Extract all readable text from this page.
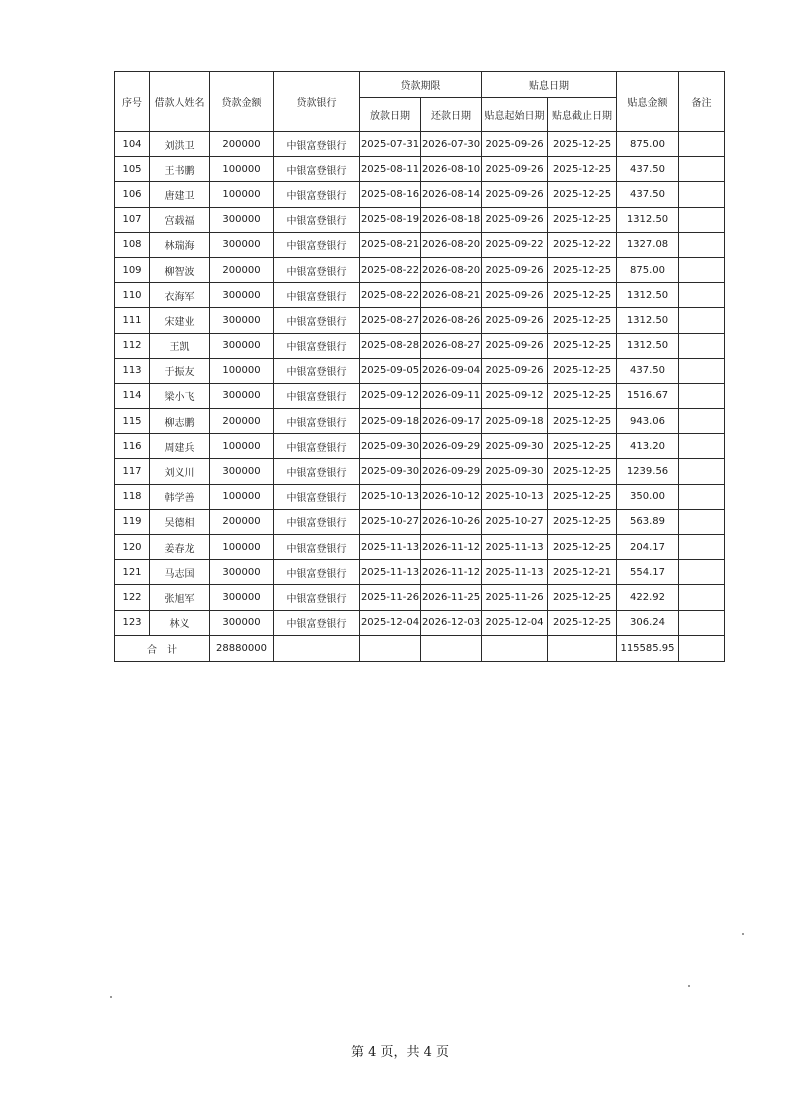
序号	借款人姓名	贷款金额	贷款银行	贷款期限		贴息日期		贴息金额	备注
				放款日期	还款日期	贴息起始日期	贴息截止日期		
104	刘洪卫	200000	中银富登银行	2025-07-31	2026-07-30	2025-09-26	2025-12-25	875.00	
105	王书鹏	100000	中银富登银行	2025-08-11	2026-08-10	2025-09-26	2025-12-25	437.50	
106	唐建卫	100000	中银富登银行	2025-08-16	2026-08-14	2025-09-26	2025-12-25	437.50	
107	宫载福	300000	中银富登银行	2025-08-19	2026-08-18	2025-09-26	2025-12-25	1312.50	
108	林瑞海	300000	中银富登银行	2025-08-21	2026-08-20	2025-09-22	2025-12-22	1327.08	
109	柳智波	200000	中银富登银行	2025-08-22	2026-08-20	2025-09-26	2025-12-25	875.00	
110	衣海军	300000	中银富登银行	2025-08-22	2026-08-21	2025-09-26	2025-12-25	1312.50	
111	宋建业	300000	中银富登银行	2025-08-27	2026-08-26	2025-09-26	2025-12-25	1312.50	
112	王凯	300000	中银富登银行	2025-08-28	2026-08-27	2025-09-26	2025-12-25	1312.50	
113	于振友	100000	中银富登银行	2025-09-05	2026-09-04	2025-09-26	2025-12-25	437.50	
114	梁小飞	300000	中银富登银行	2025-09-12	2026-09-11	2025-09-12	2025-12-25	1516.67	
115	柳志鹏	200000	中银富登银行	2025-09-18	2026-09-17	2025-09-18	2025-12-25	943.06	
116	周建兵	100000	中银富登银行	2025-09-30	2026-09-29	2025-09-30	2025-12-25	413.20	
117	刘义川	300000	中银富登银行	2025-09-30	2026-09-29	2025-09-30	2025-12-25	1239.56	
118	韩学善	100000	中银富登银行	2025-10-13	2026-10-12	2025-10-13	2025-12-25	350.00	
119	吴德相	200000	中银富登银行	2025-10-27	2026-10-26	2025-10-27	2025-12-25	563.89	
120	姜春龙	100000	中银富登银行	2025-11-13	2026-11-12	2025-11-13	2025-12-25	204.17	
121	马志国	300000	中银富登银行	2025-11-13	2026-11-12	2025-11-13	2025-12-21	554.17	
122	张旭军	300000	中银富登银行	2025-11-26	2026-11-25	2025-11-26	2025-12-25	422.92	
123	林义	300000	中银富登银行	2025-12-04	2026-12-03	2025-12-04	2025-12-25	306.24	
合　计		28880000						115585.95	
第 4 页，共 4 页
